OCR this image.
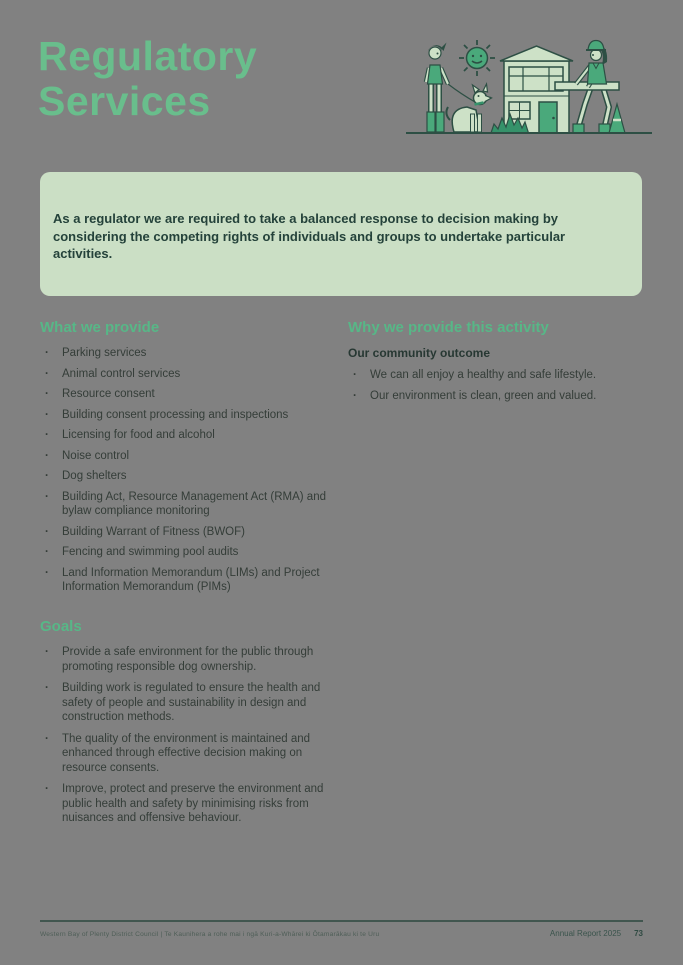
Regulatory
Services

As a regulator we are required to take a balanced response to decision making by considering the competing rights of individuals and groups to undertake particular activities.

What we provide
· Parking services
· Animal control services
· Resource consent
· Building consent processing and inspections
· Licensing for food and alcohol
· Noise control
· Dog shelters
· Building Act, Resource Management Act (RMA) and bylaw compliance monitoring
· Building Warrant of Fitness (BWOF)
· Fencing and swimming pool audits
· Land Information Memorandum (LIMs) and Project Information Memorandum (PIMs)
Why we provide this activity
Our community outcome
· We can all enjoy a healthy and safe lifestyle.
· Our environment is clean, green and valued.
Goals
· Provide a safe environment for the public through promoting responsible dog ownership.
· Building work is regulated to ensure the health and safety of people and sustainability in design and construction methods.
· The quality of the environment is maintained and enhanced through effective decision making on resource consents.
· Improve, protect and preserve the environment and public health and safety by minimising risks from nuisances and offensive behaviour.
Western Bay of Plenty District Council | Te Kaunihera a rohe mai i ngā Kuri-a-Whārei ki Ōtamarākau ki te Uru	Annual Report 2025 73
